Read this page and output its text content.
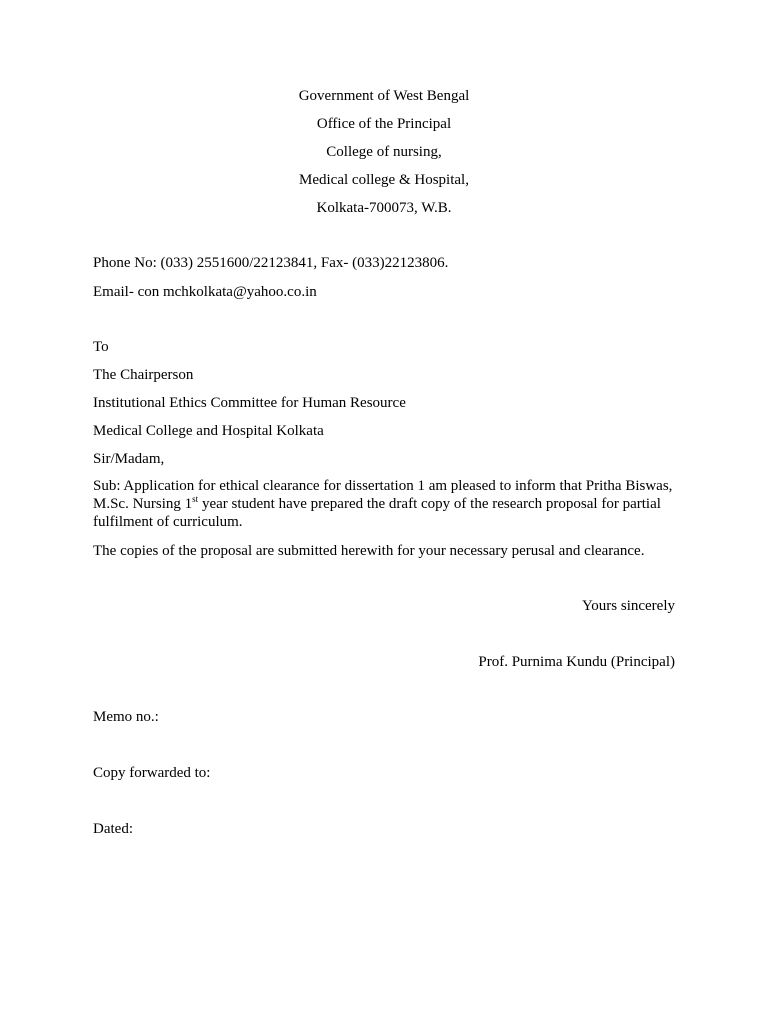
Government of West Bengal
Office of the Principal
College of nursing,
Medical college & Hospital,
Kolkata-700073, W.B.
Phone No: (033) 2551600/22123841, Fax- (033)22123806.
Email- con mchkolkata@yahoo.co.in
To
The Chairperson
Institutional Ethics Committee for Human Resource
Medical College and Hospital Kolkata
Sir/Madam,
Sub: Application for ethical clearance for dissertation 1 am pleased to inform that Pritha Biswas, M.Sc. Nursing 1st year student have prepared the draft copy of the research proposal for partial fulfilment of curriculum.
The copies of the proposal are submitted herewith for your necessary perusal and clearance.
Yours sincerely
Prof. Purnima Kundu (Principal)
Memo no.:
Copy forwarded to:
Dated:
